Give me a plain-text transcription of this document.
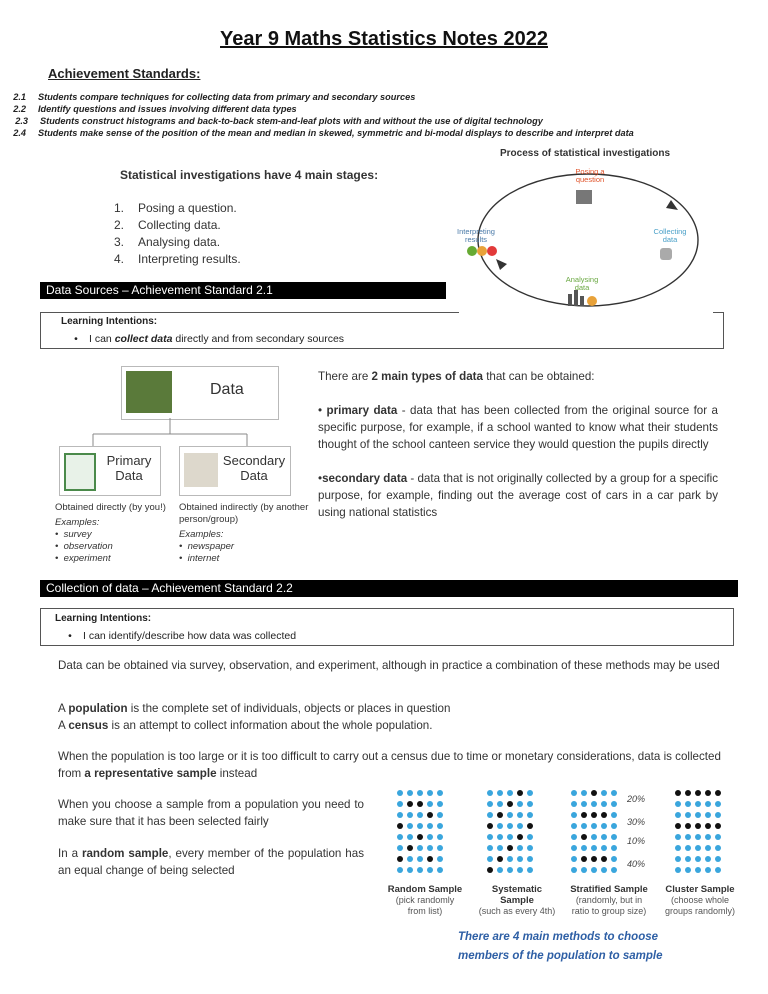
Year 9 Maths Statistics Notes 2022
Achievement Standards:
2.1 Students compare techniques for collecting data from primary and secondary sources
2.2 Identify questions and issues involving different data types
2.3 Students construct histograms and back-to-back stem-and-leaf plots with and without the use of digital technology
2.4 Students make sense of the position of the mean and median in skewed, symmetric and bi-modal displays to describe and interpret data
Statistical investigations have 4 main stages:
1. Posing a question.
2. Collecting data.
3. Analysing data.
4. Interpreting results.
Process of statistical investigations
Posing a question
Collecting data
Analysing data
Interpreting results
Data Sources – Achievement Standard 2.1
Learning Intentions:
• I can collect data directly and from secondary sources
Data
Primary
Data
Secondary
Data
Obtained directly (by you!)
Examples:
•  survey
•  observation
•  experiment
Obtained indirectly (by another
person/group)
Examples:
•  newspaper
•  internet
There are 2 main types of data that can be obtained:
• primary data - data that has been collected from the original source for a specific purpose, for example, if a school wanted to know what their students thought of the school canteen service they would question the pupils directly
•secondary data - data that is not originally collected by a group for a specific purpose, for example, finding out the average cost of cars in a car park by using national statistics
Collection of data – Achievement Standard 2.2
Learning Intentions:
• I can identify/describe how data was collected
Data can be obtained via survey, observation, and experiment, although in practice a combination of these methods may be used
A population is the complete set of individuals, objects or places in question
A census is an attempt to collect information about the whole population.
When the population is too large or it is too difficult to carry out a census due to time or monetary considerations, data is collected from a representative sample instead
When you choose a sample from a population you need to make sure that it has been selected fairly
In a random sample, every member of the population has an equal change of being selected
20%
30%
10%
40%
Random Sample
(pick randomly
from list)
Systematic
Sample
(such as every 4th)
Stratified Sample
(randomly, but in
ratio to group size)
Cluster Sample
(choose whole
groups randomly)
There are 4 main methods to choose
members of the population to sample
